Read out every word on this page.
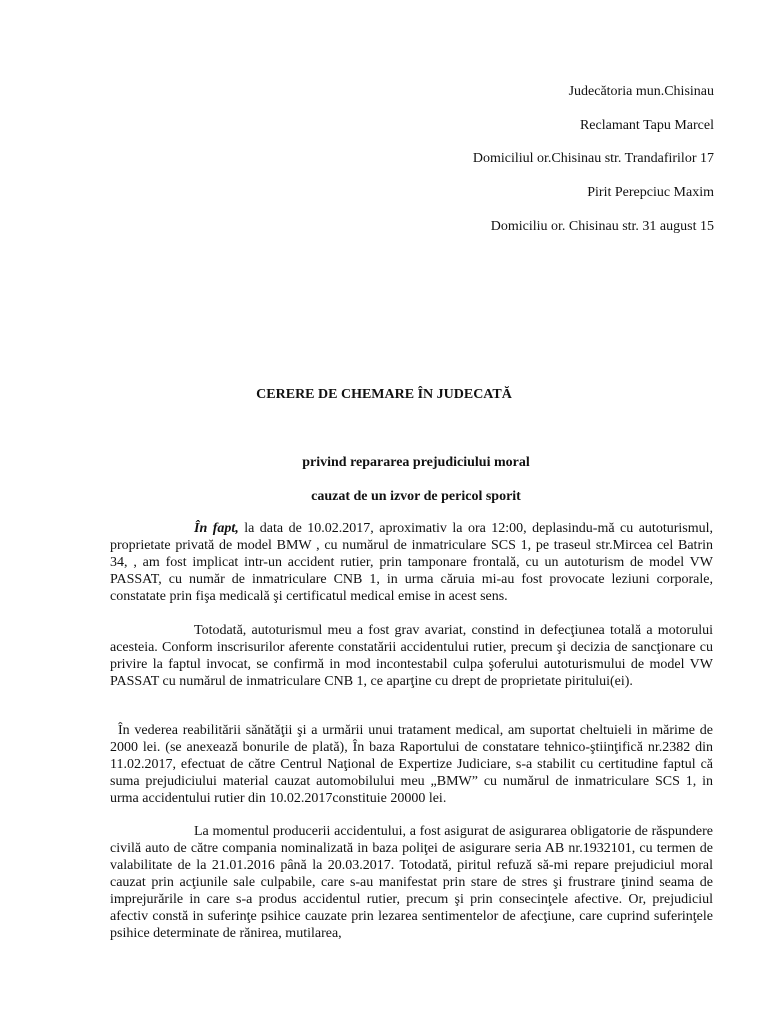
Judecătoria mun.Chisinau
Reclamant Tapu Marcel
Domiciliul or.Chisinau str. Trandafirilor 17
Pirit Perepciuc Maxim
Domiciliu or. Chisinau str. 31 august 15
CERERE DE CHEMARE ÎN JUDECATĂ
privind repararea prejudiciului moral
cauzat de un izvor de pericol sporit

În fapt, la data de 10.02.2017, aproximativ la ora 12:00, deplasindu-mă cu autoturismul, proprietate privată de model BMW , cu numărul de inmatriculare SCS 1, pe traseul str.Mircea cel Batrin 34, , am fost implicat intr-un accident rutier, prin tamponare frontală, cu un autoturism de model VW PASSAT, cu număr de inmatriculare CNB 1, in urma căruia mi-au fost provocate leziuni corporale, constatate prin fişa medicală şi certificatul medical emise in acest sens.

Totodată, autoturismul meu a fost grav avariat, constind in defecţiunea totală a motorului acesteia. Conform inscrisurilor aferente constatării accidentului rutier, precum şi decizia de sancţionare cu privire la faptul invocat, se confirmă in mod incontestabil culpa şoferului autoturismului de model VW PASSAT cu numărul de inmatriculare CNB 1, ce aparţine cu drept de proprietate piritului(ei).

În vederea reabilitării sănătăţii şi a urmării unui tratament medical, am suportat cheltuieli in mărime de 2000 lei. (se anexează bonurile de plată), În baza Raportului de constatare tehnico-ştiinţifică nr.2382 din 11.02.2017, efectuat de către Centrul Naţional de Expertize Judiciare, s-a stabilit cu certitudine faptul că suma prejudiciului material cauzat automobilului meu „BMW” cu numărul de inmatriculare SCS 1, in urma accidentului rutier din 10.02.2017constituie 20000 lei.

La momentul producerii accidentului, a fost asigurat de asigurarea obligatorie de răspundere civilă auto de către compania nominalizată in baza poliţei de asigurare seria AB nr.1932101, cu termen de valabilitate de la 21.01.2016 până la 20.03.2017. Totodată, piritul refuză să-mi repare prejudiciul moral cauzat prin acţiunile sale culpabile, care s-au manifestat prin stare de stres şi frustrare ţinind seama de imprejurările in care s-a produs accidentul rutier, precum şi prin consecinţele afective. Or, prejudiciul afectiv constă in suferinţe psihice cauzate prin lezarea sentimentelor de afecţiune, care cuprind suferinţele psihice determinate de rănirea, mutilarea,
